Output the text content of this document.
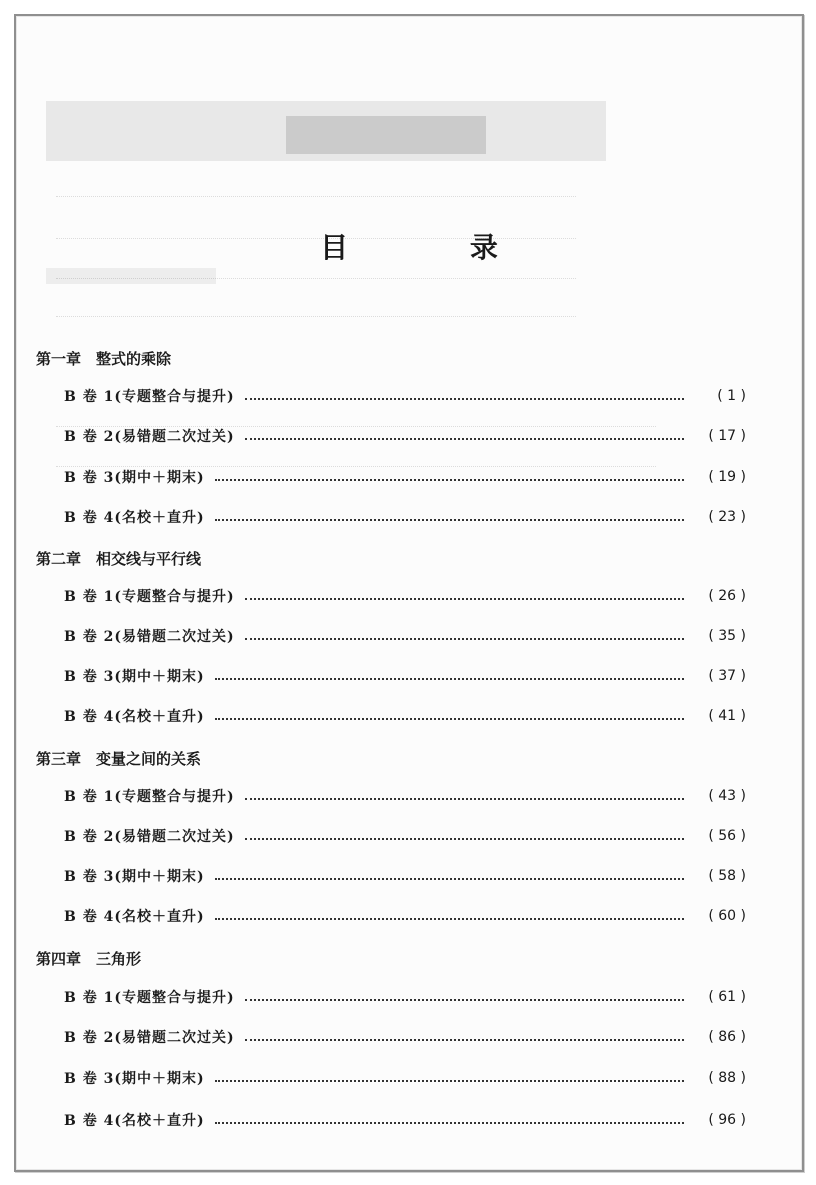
目 录
第一章　整式的乘除
B 卷 1(专题整合与提升)	( 1 )
B 卷 2(易错题二次过关)	( 17 )
B 卷 3(期中＋期末)	( 19 )
B 卷 4(名校＋直升)	( 23 )
第二章　相交线与平行线
B 卷 1(专题整合与提升)	( 26 )
B 卷 2(易错题二次过关)	( 35 )
B 卷 3(期中＋期末)	( 37 )
B 卷 4(名校＋直升)	( 41 )
第三章　变量之间的关系
B 卷 1(专题整合与提升)	( 43 )
B 卷 2(易错题二次过关)	( 56 )
B 卷 3(期中＋期末)	( 58 )
B 卷 4(名校＋直升)	( 60 )
第四章　三角形
B 卷 1(专题整合与提升)	( 61 )
B 卷 2(易错题二次过关)	( 86 )
B 卷 3(期中＋期末)	( 88 )
B 卷 4(名校＋直升)	( 96 )
